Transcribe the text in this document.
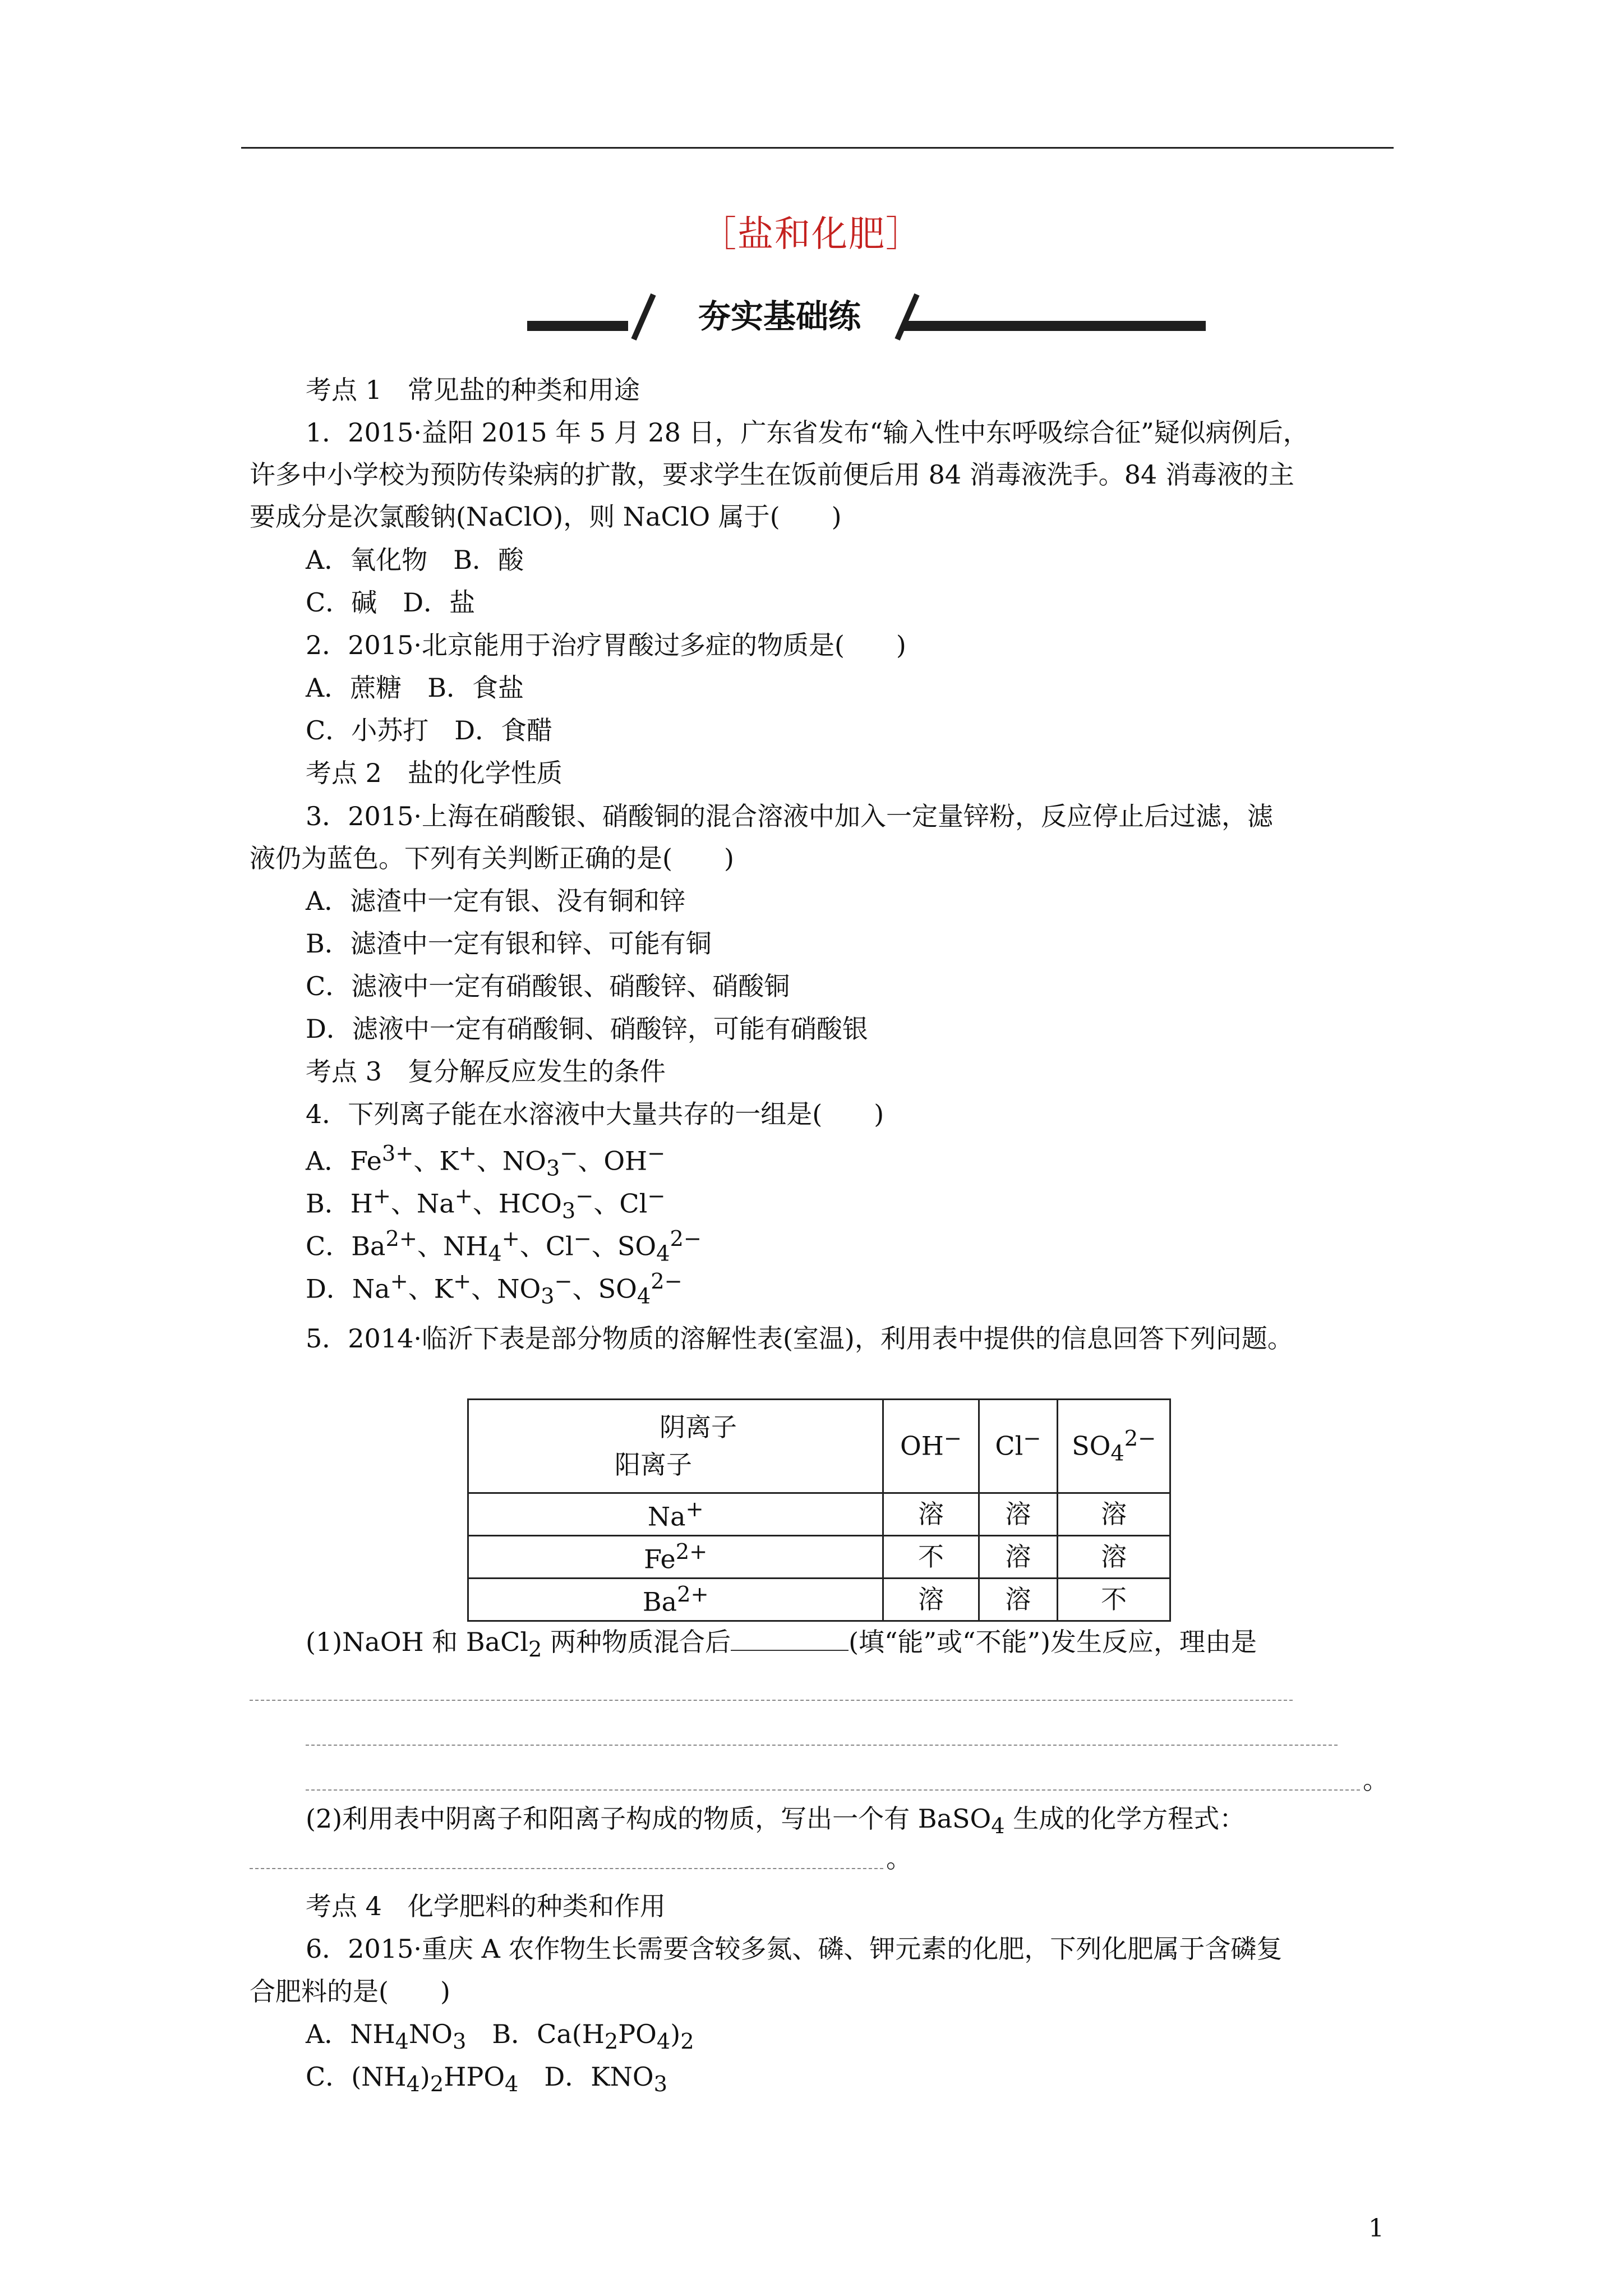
［盐和化肥］
夯实基础练
考点 1　常见盐的种类和用途
1．2015·益阳 2015 年 5 月 28 日，广东省发布“输入性中东呼吸综合征”疑似病例后，
许多中小学校为预防传染病的扩散，要求学生在饭前便后用 84 消毒液洗手。84 消毒液的主
要成分是次氯酸钠(NaClO)，则 NaClO 属于(　　)
A．氧化物　B．酸
C．碱　D．盐
2．2015·北京能用于治疗胃酸过多症的物质是(　　)
A．蔗糖　B．食盐
C．小苏打　D．食醋
考点 2　盐的化学性质
3．2015·上海在硝酸银、硝酸铜的混合溶液中加入一定量锌粉，反应停止后过滤，滤
液仍为蓝色。下列有关判断正确的是(　　)
A．滤渣中一定有银、没有铜和锌
B．滤渣中一定有银和锌、可能有铜
C．滤液中一定有硝酸银、硝酸锌、硝酸铜
D．滤液中一定有硝酸铜、硝酸锌，可能有硝酸银
考点 3　复分解反应发生的条件
4．下列离子能在水溶液中大量共存的一组是(　　)
A．$Fe^{3+}$、K+、$NO_3^-$、OH−
B．H+、Na+、$HCO_3^-$、Cl−
C．$Ba^{2+}$、$NH_4^+$、Cl−、$SO_4^{2-}$
D．Na+、K+、$NO_3^-$、$SO_4^{2-}$
5．2014·临沂下表是部分物质的溶解性表(室温)，利用表中提供的信息回答下列问题。
阴离子
阳离子	OH−	Cl−	$SO_4^{2-}$
Na+	溶	溶	溶
$Fe^{2+}$	不	溶	溶
$Ba^{2+}$	溶	溶	不
(1)NaOH 和 BaCl$_2$ 两种物质混合后	(填“能”或“不能”)发生反应，理由是
。
(2)利用表中阴离子和阳离子构成的物质，写出一个有 BaSO$_4$ 生成的化学方程式：
。
考点 4　化学肥料的种类和作用
6．2015·重庆 A 农作物生长需要含较多氮、磷、钾元素的化肥，下列化肥属于含磷复
合肥料的是(　　)
A．$NH_4NO_3$　B．$Ca(H_2PO_4)_2$
C．$(NH_4)_2HPO_4$　D．$KNO_3$
1
